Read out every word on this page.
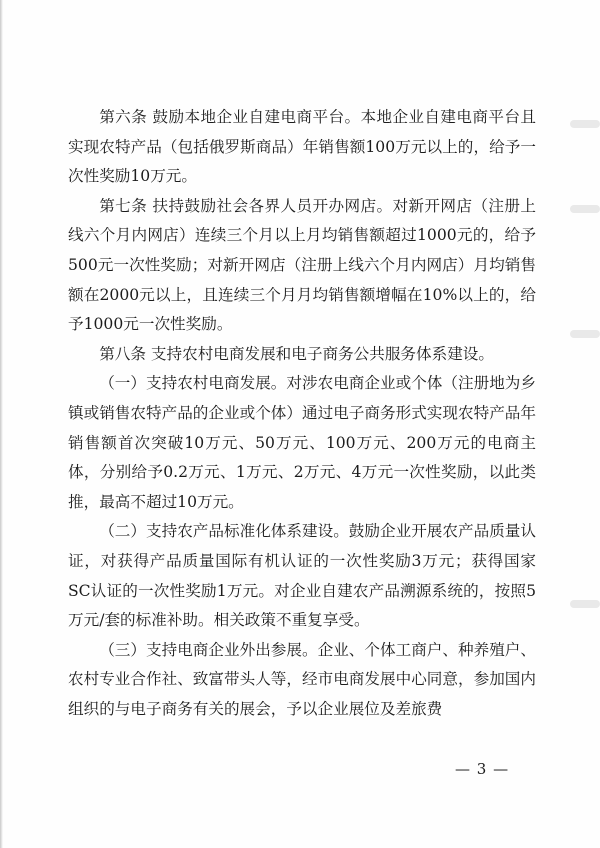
第六条 鼓励本地企业自建电商平台。本地企业自建电商平台且实现农特产品（包括俄罗斯商品）年销售额100万元以上的，给予一次性奖励10万元。

第七条 扶持鼓励社会各界人员开办网店。对新开网店（注册上线六个月内网店）连续三个月以上月均销售额超过1000元的，给予500元一次性奖励；对新开网店（注册上线六个月内网店）月均销售额在2000元以上，且连续三个月月均销售额增幅在10%以上的，给予1000元一次性奖励。

第八条 支持农村电商发展和电子商务公共服务体系建设。

（一）支持农村电商发展。对涉农电商企业或个体（注册地为乡镇或销售农特产品的企业或个体）通过电子商务形式实现农特产品年销售额首次突破10万元、50万元、100万元、200万元的电商主体，分别给予0.2万元、1万元、2万元、4万元一次性奖励，以此类推，最高不超过10万元。

（二）支持农产品标准化体系建设。鼓励企业开展农产品质量认证，对获得产品质量国际有机认证的一次性奖励3万元；获得国家SC认证的一次性奖励1万元。对企业自建农产品溯源系统的，按照5万元/套的标准补助。相关政策不重复享受。

（三）支持电商企业外出参展。企业、个体工商户、种养殖户、农村专业合作社、致富带头人等，经市电商发展中心同意，参加国内组织的与电子商务有关的展会，予以企业展位及差旅费

— 3 —
